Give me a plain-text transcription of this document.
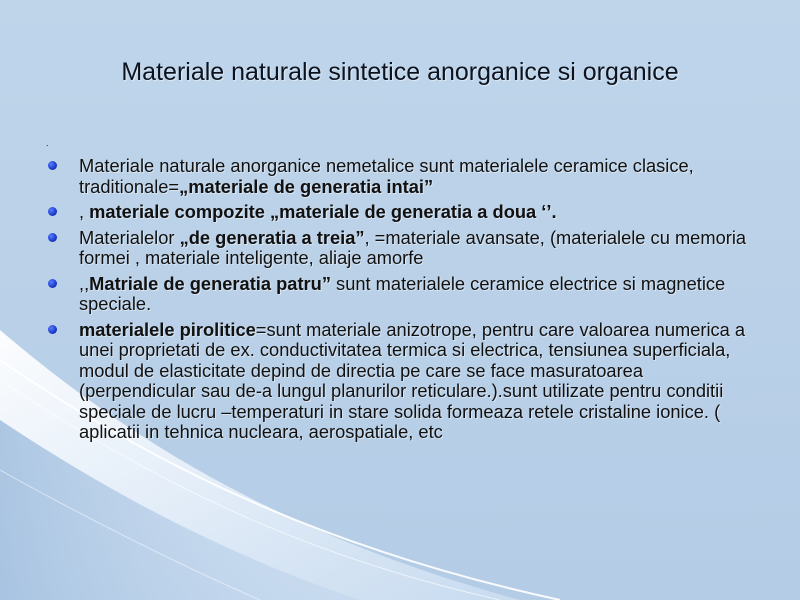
Materiale naturale sintetice anorganice si organice
.
Materiale naturale anorganice nemetalice sunt materialele ceramice clasice, traditionale=„materiale de generatia intai”
, materiale compozite „materiale de generatia a doua ‘’.
Materialelor „de generatia a treia”, =materiale avansate, (materialele cu memoria formei , materiale inteligente, aliaje amorfe
,,Matriale de generatia patru” sunt materialele ceramice electrice si magnetice speciale.
materialele pirolitice=sunt materiale anizotrope, pentru care valoarea numerica a unei proprietati de ex. conductivitatea termica si electrica, tensiunea superficiala, modul de elasticitate depind de directia pe care se face masuratoarea (perpendicular sau de-a lungul planurilor reticulare.).sunt utilizate pentru conditii speciale de lucru –temperaturi in stare solida formeaza retele cristaline ionice. ( aplicatii in tehnica nucleara, aerospatiale, etc
